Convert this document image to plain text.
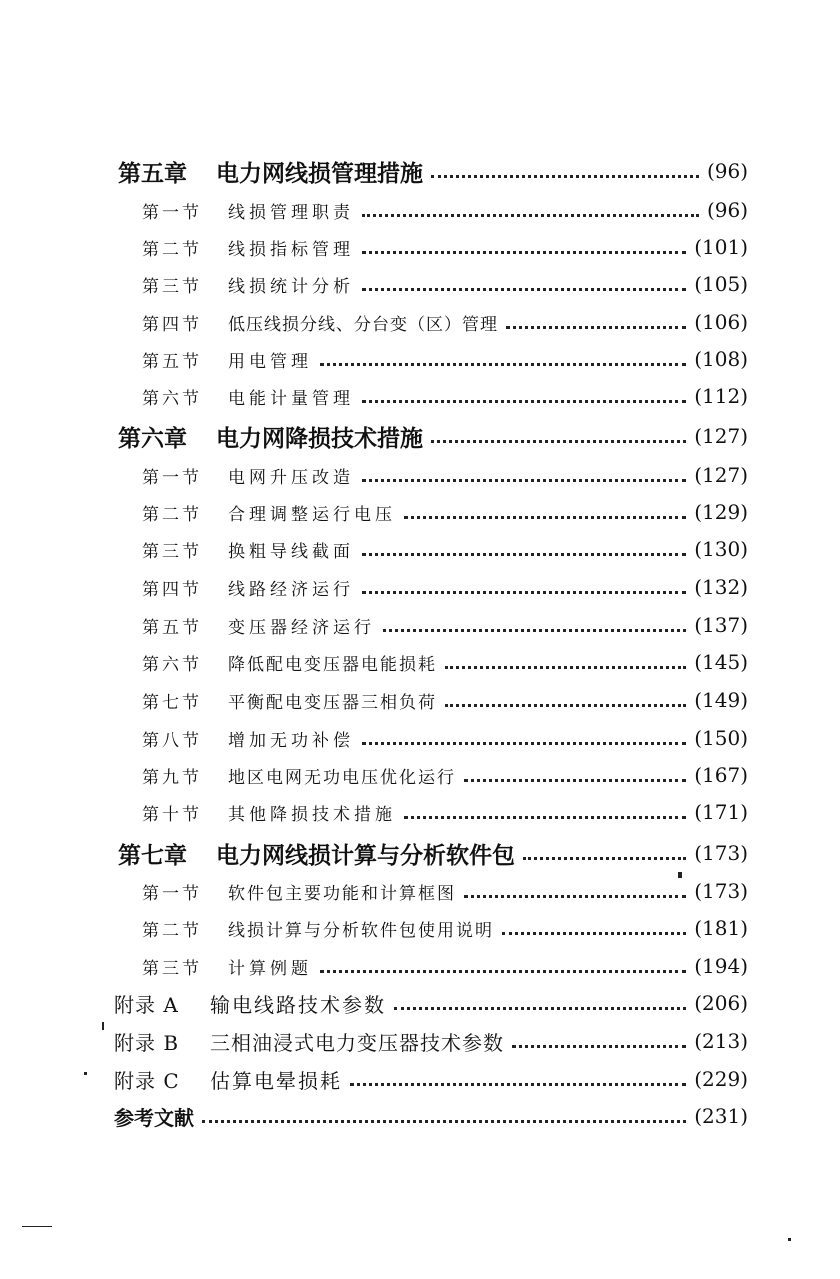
第五章	电力网线损管理措施	(96)
第一节	线损管理职责	(96)
第二节	线损指标管理	(101)
第三节	线损统计分析	(105)
第四节	低压线损分线、分台变（区）管理	(106)
第五节	用电管理	(108)
第六节	电能计量管理	(112)
第六章	电力网降损技术措施	(127)
第一节	电网升压改造	(127)
第二节	合理调整运行电压	(129)
第三节	换粗导线截面	(130)
第四节	线路经济运行	(132)
第五节	变压器经济运行	(137)
第六节	降低配电变压器电能损耗	(145)
第七节	平衡配电变压器三相负荷	(149)
第八节	增加无功补偿	(150)
第九节	地区电网无功电压优化运行	(167)
第十节	其他降损技术措施	(171)
第七章	电力网线损计算与分析软件包	(173)
第一节	软件包主要功能和计算框图	(173)
第二节	线损计算与分析软件包使用说明	(181)
第三节	计算例题	(194)
附录 A	输电线路技术参数	(206)
附录 B	三相油浸式电力变压器技术参数	(213)
附录 C	估算电晕损耗	(229)
参考文献	(231)
